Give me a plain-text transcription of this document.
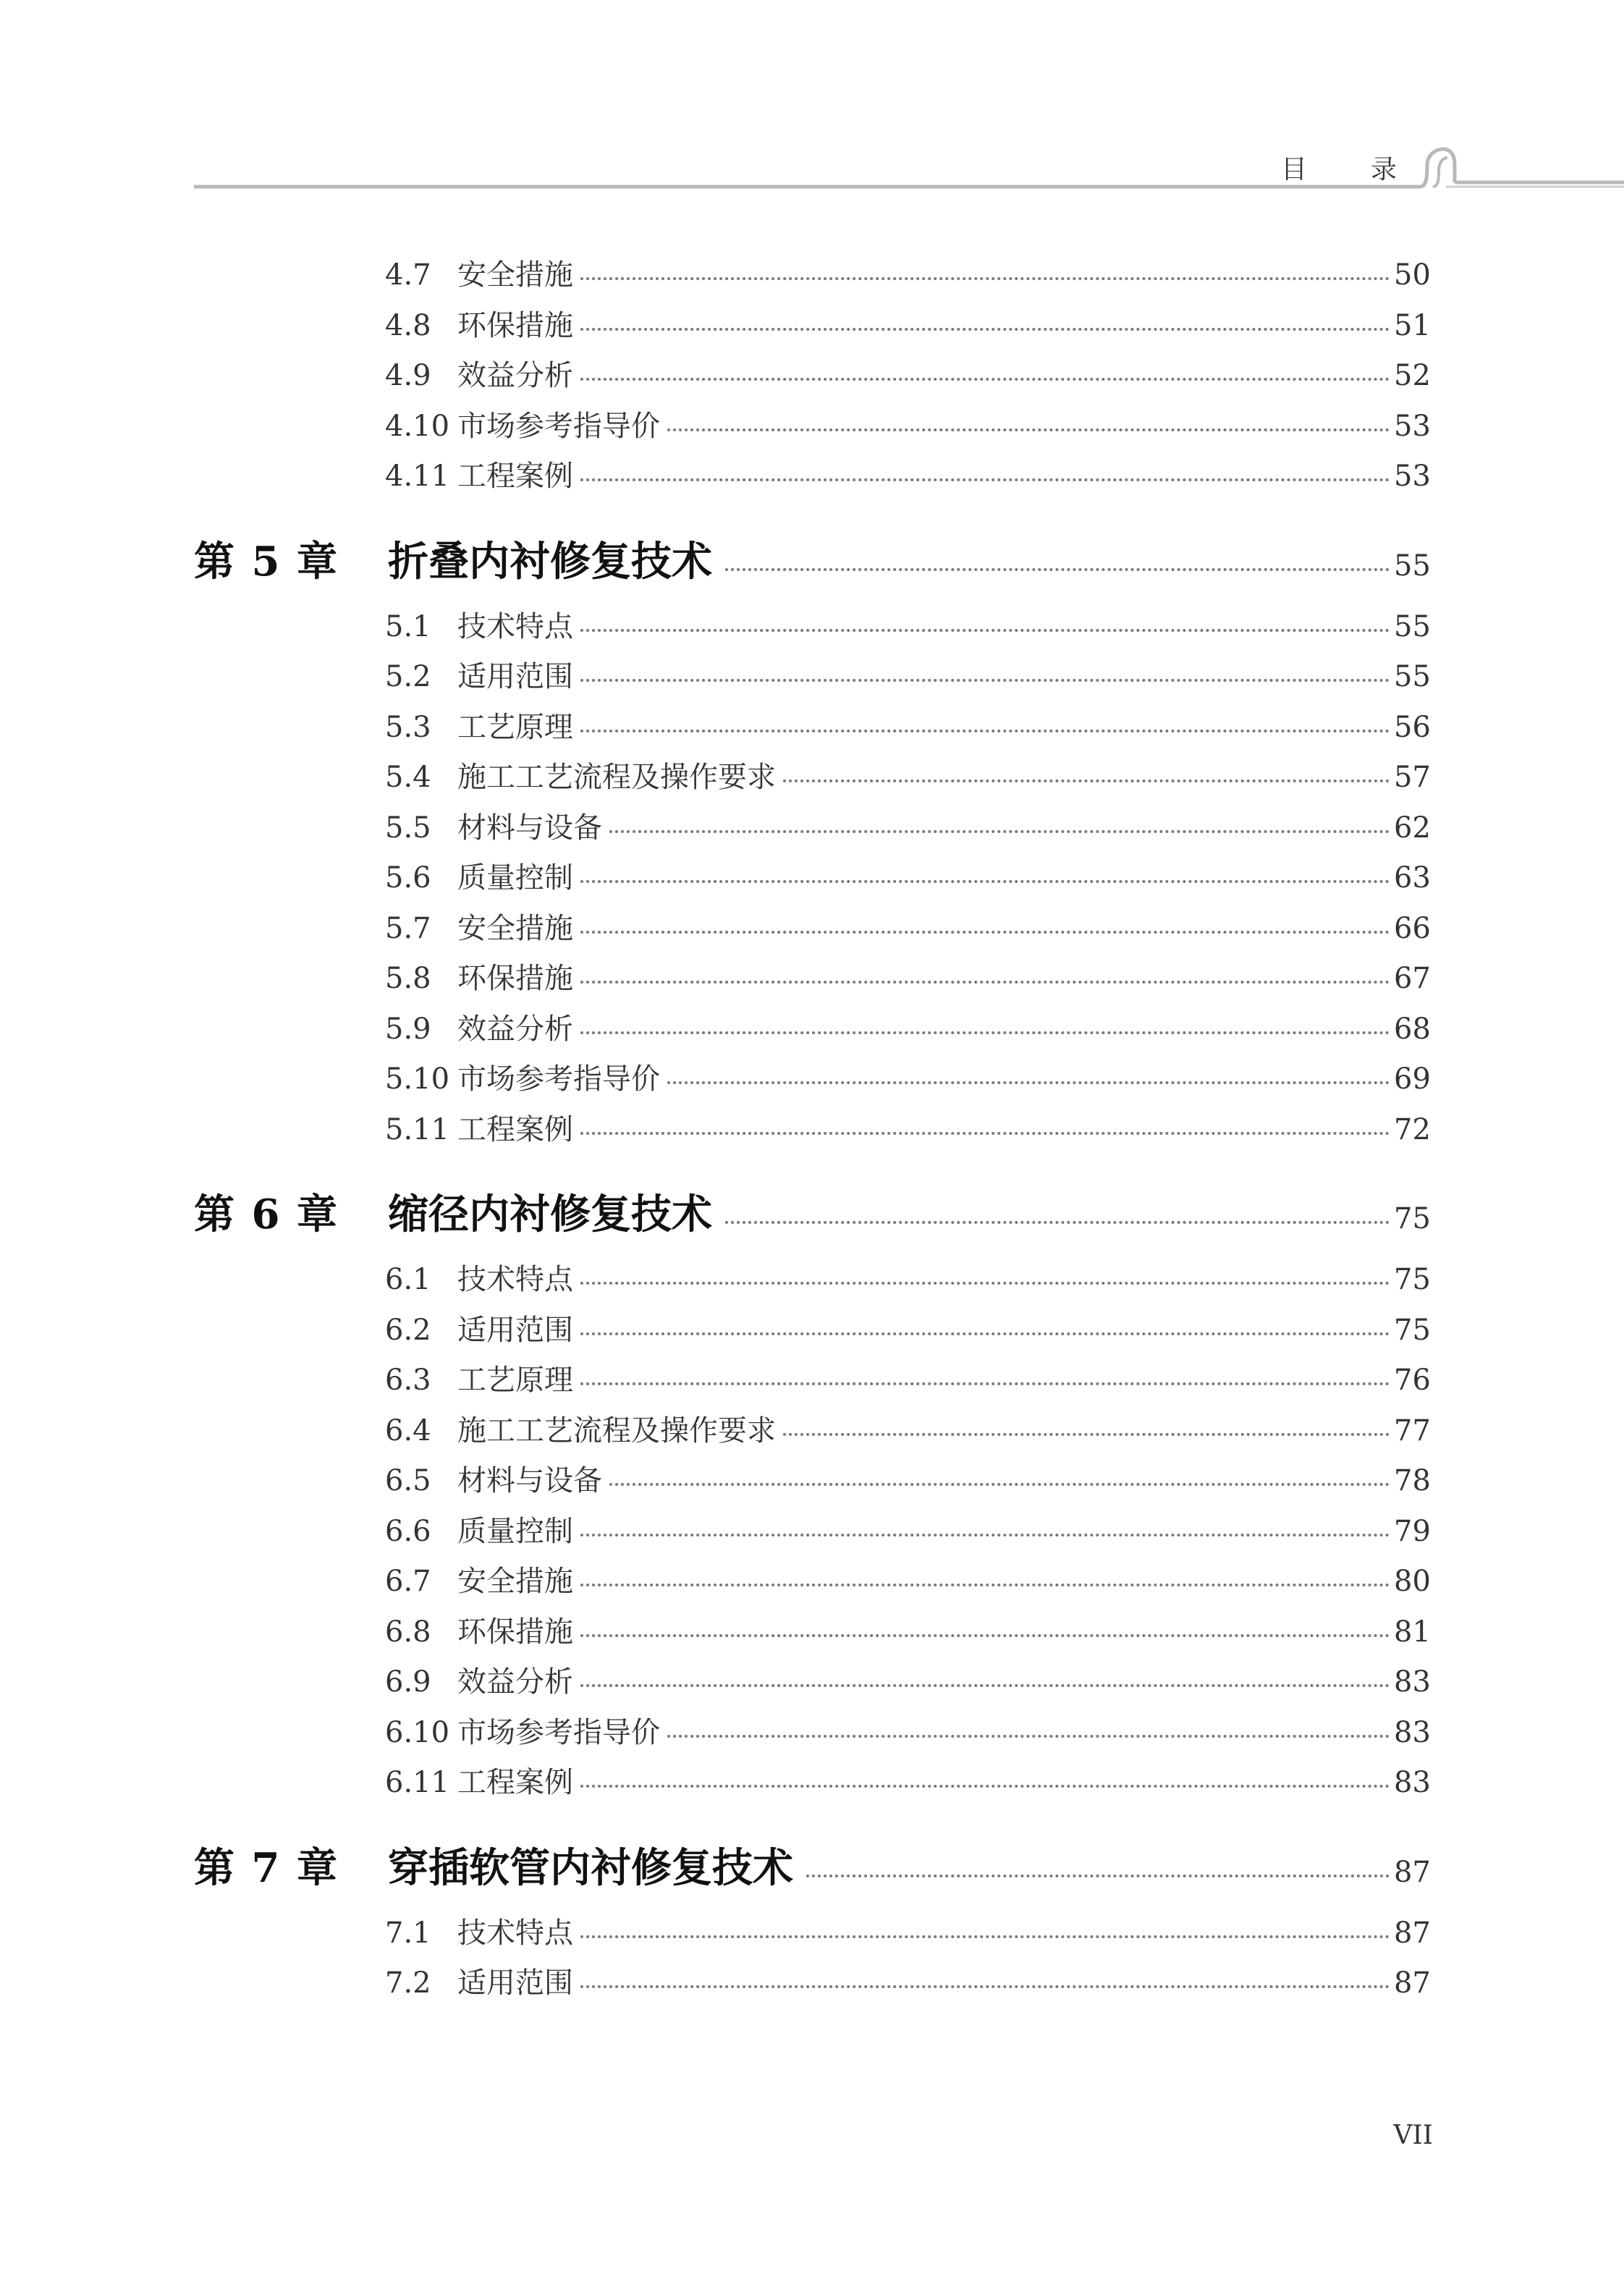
目 录
4.7 安全措施	50
4.8 环保措施	51
4.9 效益分析	52
4.10 市场参考指导价	53
4.11 工程案例	53
第 5 章	折叠内衬修复技术	55
5.1 技术特点	55
5.2 适用范围	55
5.3 工艺原理	56
5.4 施工工艺流程及操作要求	57
5.5 材料与设备	62
5.6 质量控制	63
5.7 安全措施	66
5.8 环保措施	67
5.9 效益分析	68
5.10 市场参考指导价	69
5.11 工程案例	72
第 6 章	缩径内衬修复技术	75
6.1 技术特点	75
6.2 适用范围	75
6.3 工艺原理	76
6.4 施工工艺流程及操作要求	77
6.5 材料与设备	78
6.6 质量控制	79
6.7 安全措施	80
6.8 环保措施	81
6.9 效益分析	83
6.10 市场参考指导价	83
6.11 工程案例	83
第 7 章	穿插软管内衬修复技术	87
7.1 技术特点	87
7.2 适用范围	87
VII
